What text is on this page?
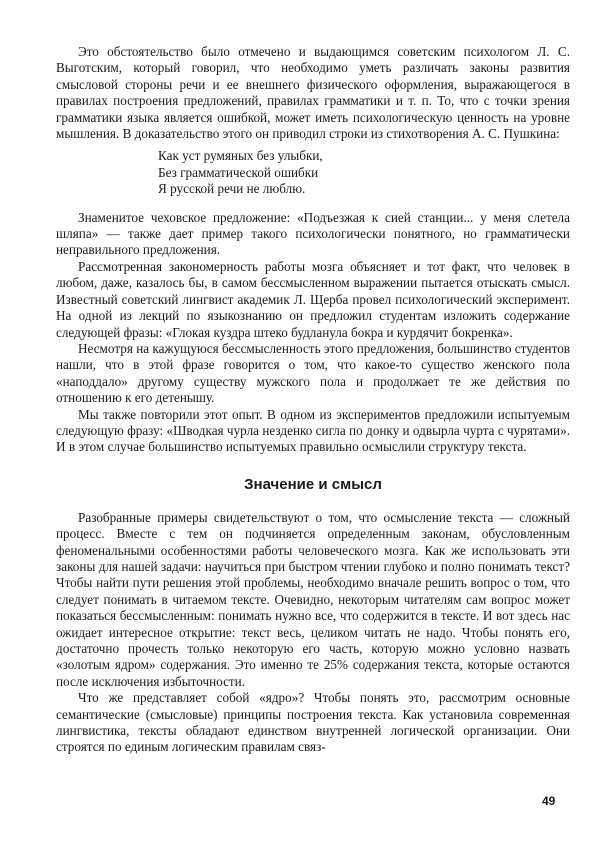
Это обстоятельство было отмечено и выдающимся советским психологом Л. С. Выготским, который говорил, что необходимо уметь различать законы развития смысловой стороны речи и ее внешнего физического оформления, выражающегося в правилах построения предложений, правилах грамматики и т. п. То, что с точки зрения грамматики языка является ошибкой, может иметь психологическую ценность на уровне мышления. В доказательство этого он приводил строки из стихотворения А. С. Пушкина:

Как уст румяных без улыбки,
Без грамматической ошибки
Я русской речи не люблю.

Знаменитое чеховское предложение: «Подъезжая к сией станции... у меня слетела шляпа» — также дает пример такого психологически понятного, но грамматически неправильного предложения.

Рассмотренная закономерность работы мозга объясняет и тот факт, что человек в любом, даже, казалось бы, в самом бессмысленном выражении пытается отыскать смысл. Известный советский лингвист академик Л. Щерба провел психологический эксперимент. На одной из лекций по языкознанию он предложил студентам изложить содержание следующей фразы: «Глокая куздра штеко будланула бокра и курдячит бокренка».

Несмотря на кажущуюся бессмысленность этого предложения, большинство студентов нашли, что в этой фразе говорится о том, что какое-то существо женского пола «наподдало» другому существу мужского пола и продолжает те же действия по отношению к его детенышу.

Мы также повторили этот опыт. В одном из экспериментов предложили испытуемым следующую фразу: «Шводкая чурла незденко сигла по донку и одвырла чурта с чурятами». И в этом случае большинство испытуемых правильно осмыслили структуру текста.

Значение и смысл

Разобранные примеры свидетельствуют о том, что осмысление текста — сложный процесс. Вместе с тем он подчиняется определенным законам, обусловленным феноменальными особенностями работы человеческого мозга. Как же использовать эти законы для нашей задачи: научиться при быстром чтении глубоко и полно понимать текст? Чтобы найти пути решения этой проблемы, необходимо вначале решить вопрос о том, что следует понимать в читаемом тексте. Очевидно, некоторым читателям сам вопрос может показаться бессмысленным: понимать нужно все, что содержится в тексте. И вот здесь нас ожидает интересное открытие: текст весь, целиком читать не надо. Чтобы понять его, достаточно прочесть только некоторую его часть, которую можно условно назвать «золотым ядром» содержания. Это именно те 25% содержания текста, которые остаются после исключения избыточности.

Что же представляет собой «ядро»? Чтобы понять это, рассмотрим основные семантические (смысловые) принципы построения текста. Как установила современная лингвистика, тексты обладают единством внутренней логической организации. Они строятся по единым логическим правилам связ-

49
